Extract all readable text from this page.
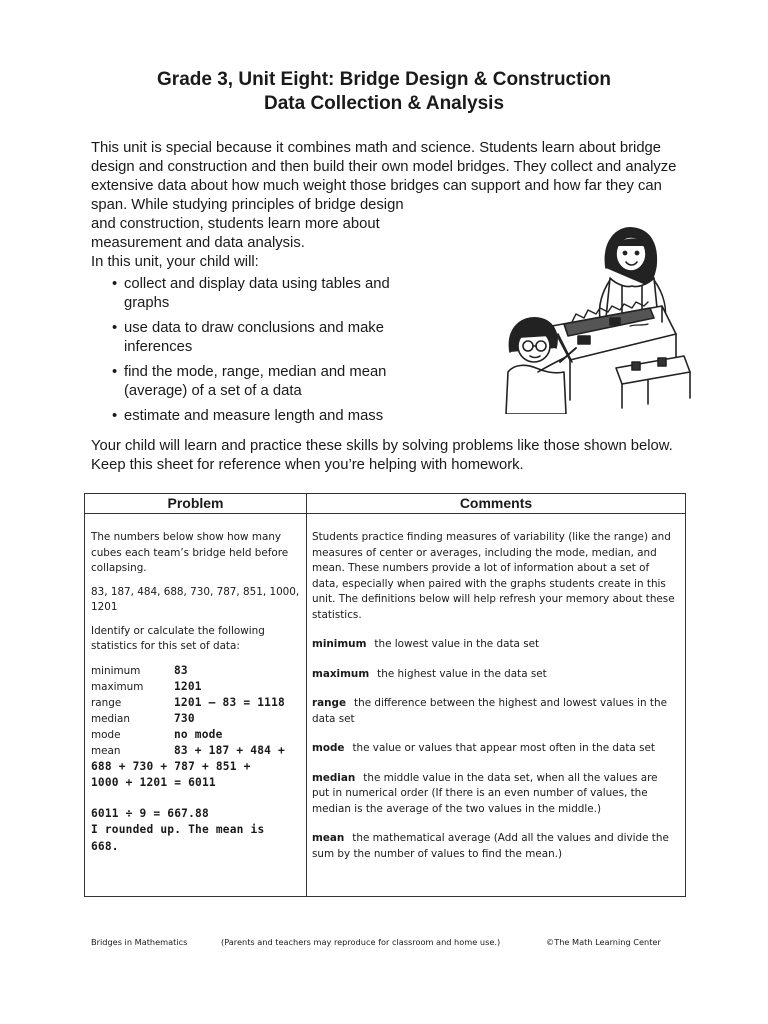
Grade 3, Unit Eight: Bridge Design & Construction
Data Collection & Analysis

This unit is special because it combines math and science. Students learn about bridge design and construction and then build their own model bridges. They collect and analyze extensive data about how much weight those bridges can support and how far they can span. While studying principles of bridge design

and construction, students learn more about
measurement and data analysis.
In this unit, your child will:
• collect and display data using tables and
graphs
• use data to draw conclusions and make
inferences
• find the mode, range, median and mean
(average) of a set of a data
• estimate and measure length and mass

Your child will learn and practice these skills by solving problems like those shown below. Keep this sheet for reference when you’re helping with homework.

Problem	Comments

The numbers below show how many cubes each team’s bridge held before collapsing.

83, 187, 484, 688, 730, 787, 851, 1000, 1201

Identify or calculate the following statistics for this set of data:

minimum	83
maximum	1201
range	1201 – 83 = 1118
median	730
mode	no mode
mean	83 + 187 + 484 +
688 + 730 + 787 + 851 +
1000 + 1201 = 6011
6011 ÷ 9 = 667.88
I rounded up. The mean is
668.

Students practice finding measures of variability (like the range) and measures of center or averages, including the mode, median, and mean. These numbers provide a lot of information about a set of data, especially when paired with the graphs students create in this unit. The definitions below will help refresh your memory about these statistics.

minimum the lowest value in the data set

maximum the highest value in the data set

range the difference between the highest and lowest values in the data set

mode the value or values that appear most often in the data set

median the middle value in the data set, when all the values are put in numerical order (If there is an even number of values, the median is the average of the two values in the middle.)

mean the mathematical average (Add all the values and divide the sum by the number of values to find the mean.)

Bridges in Mathematics	(Parents and teachers may reproduce for classroom and home use.)	©The Math Learning Center
